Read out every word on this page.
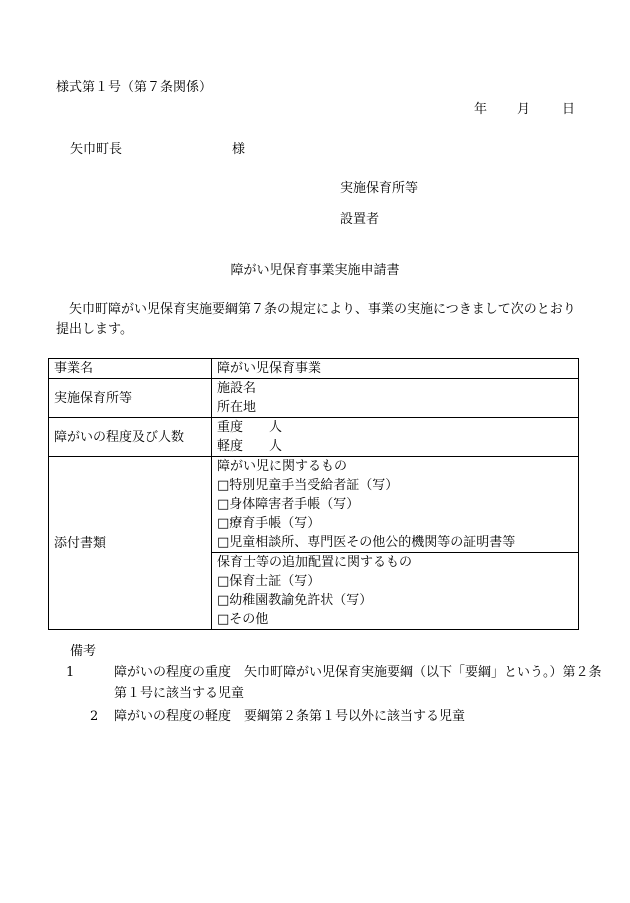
様式第１号（第７条関係）
年 月 日
矢巾町長	様
実施保育所等
設置者
障がい児保育事業実施申請書
矢巾町障がい児保育実施要綱第７条の規定により、事業の実施につきまして次のとおり提出します。
事業名	障がい児保育事業
実施保育所等	施設名
所在地

障がいの程度及び人数	重度　　人
軽度　　人

添付書類	障がい児に関するもの
□特別児童手当受給者証（写）
□身体障害者手帳（写）
□療育手帳（写）
□児童相談所、専門医その他公的機関等の証明書等

	保育士等の追加配置に関するもの
□保育士証（写）
□幼稚園教諭免許状（写）
□その他
備考
1	障がいの程度の重度　矢巾町障がい児保育実施要綱（以下「要綱」という。）第２条第１号に該当する児童
2 障がいの程度の軽度　要綱第２条第１号以外に該当する児童
